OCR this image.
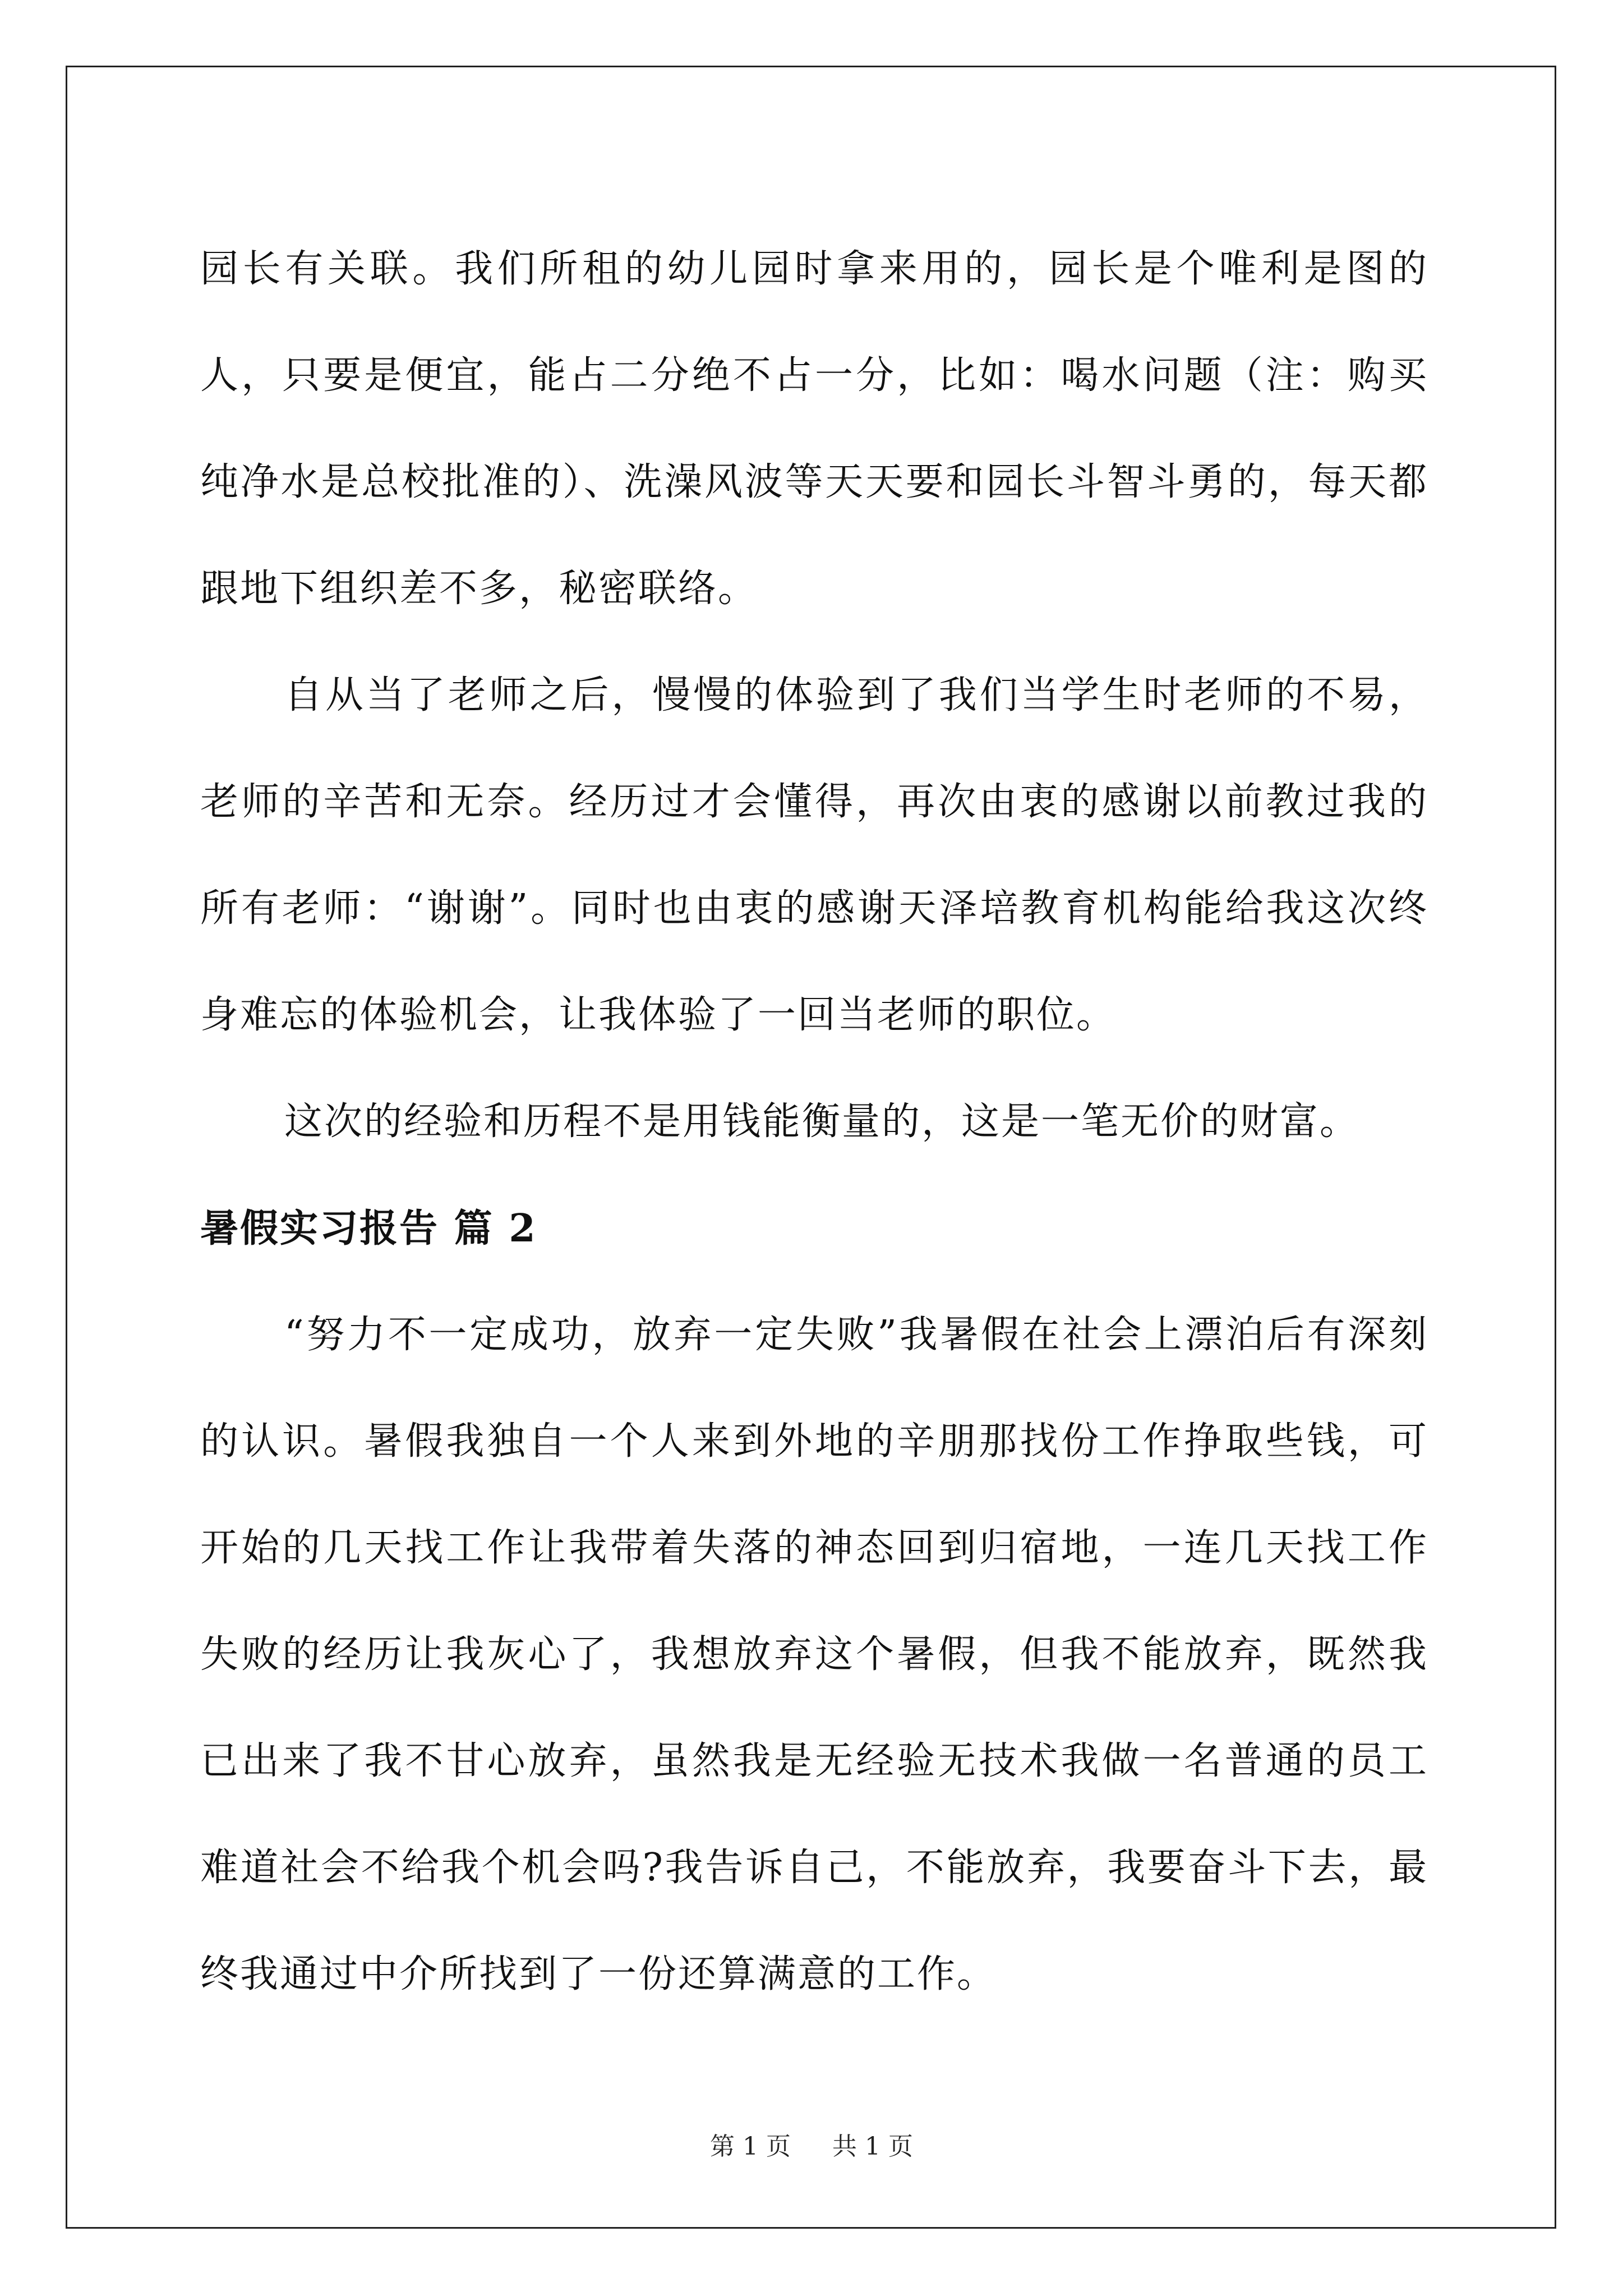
园长有关联。我们所租的幼儿园时拿来用的，园长是个唯利是图的人，只要是便宜，能占二分绝不占一分，比如：喝水问题（注：购买纯净水是总校批准的）、洗澡风波等天天要和园长斗智斗勇的，每天都跟地下组织差不多，秘密联络。

自从当了老师之后，慢慢的体验到了我们当学生时老师的不易，老师的辛苦和无奈。经历过才会懂得，再次由衷的感谢以前教过我的所有老师：“谢谢”。同时也由衷的感谢天泽培教育机构能给我这次终身难忘的体验机会，让我体验了一回当老师的职位。

这次的经验和历程不是用钱能衡量的，这是一笔无价的财富。

暑假实习报告 篇 2

“努力不一定成功，放弃一定失败”我暑假在社会上漂泊后有深刻的认识。暑假我独自一个人来到外地的辛朋那找份工作挣取些钱，可开始的几天找工作让我带着失落的神态回到归宿地，一连几天找工作失败的经历让我灰心了，我想放弃这个暑假，但我不能放弃，既然我已出来了我不甘心放弃，虽然我是无经验无技术我做一名普通的员工难道社会不给我个机会吗?我告诉自己，不能放弃，我要奋斗下去，最终我通过中介所找到了一份还算满意的工作。

第 1 页 共 1 页
